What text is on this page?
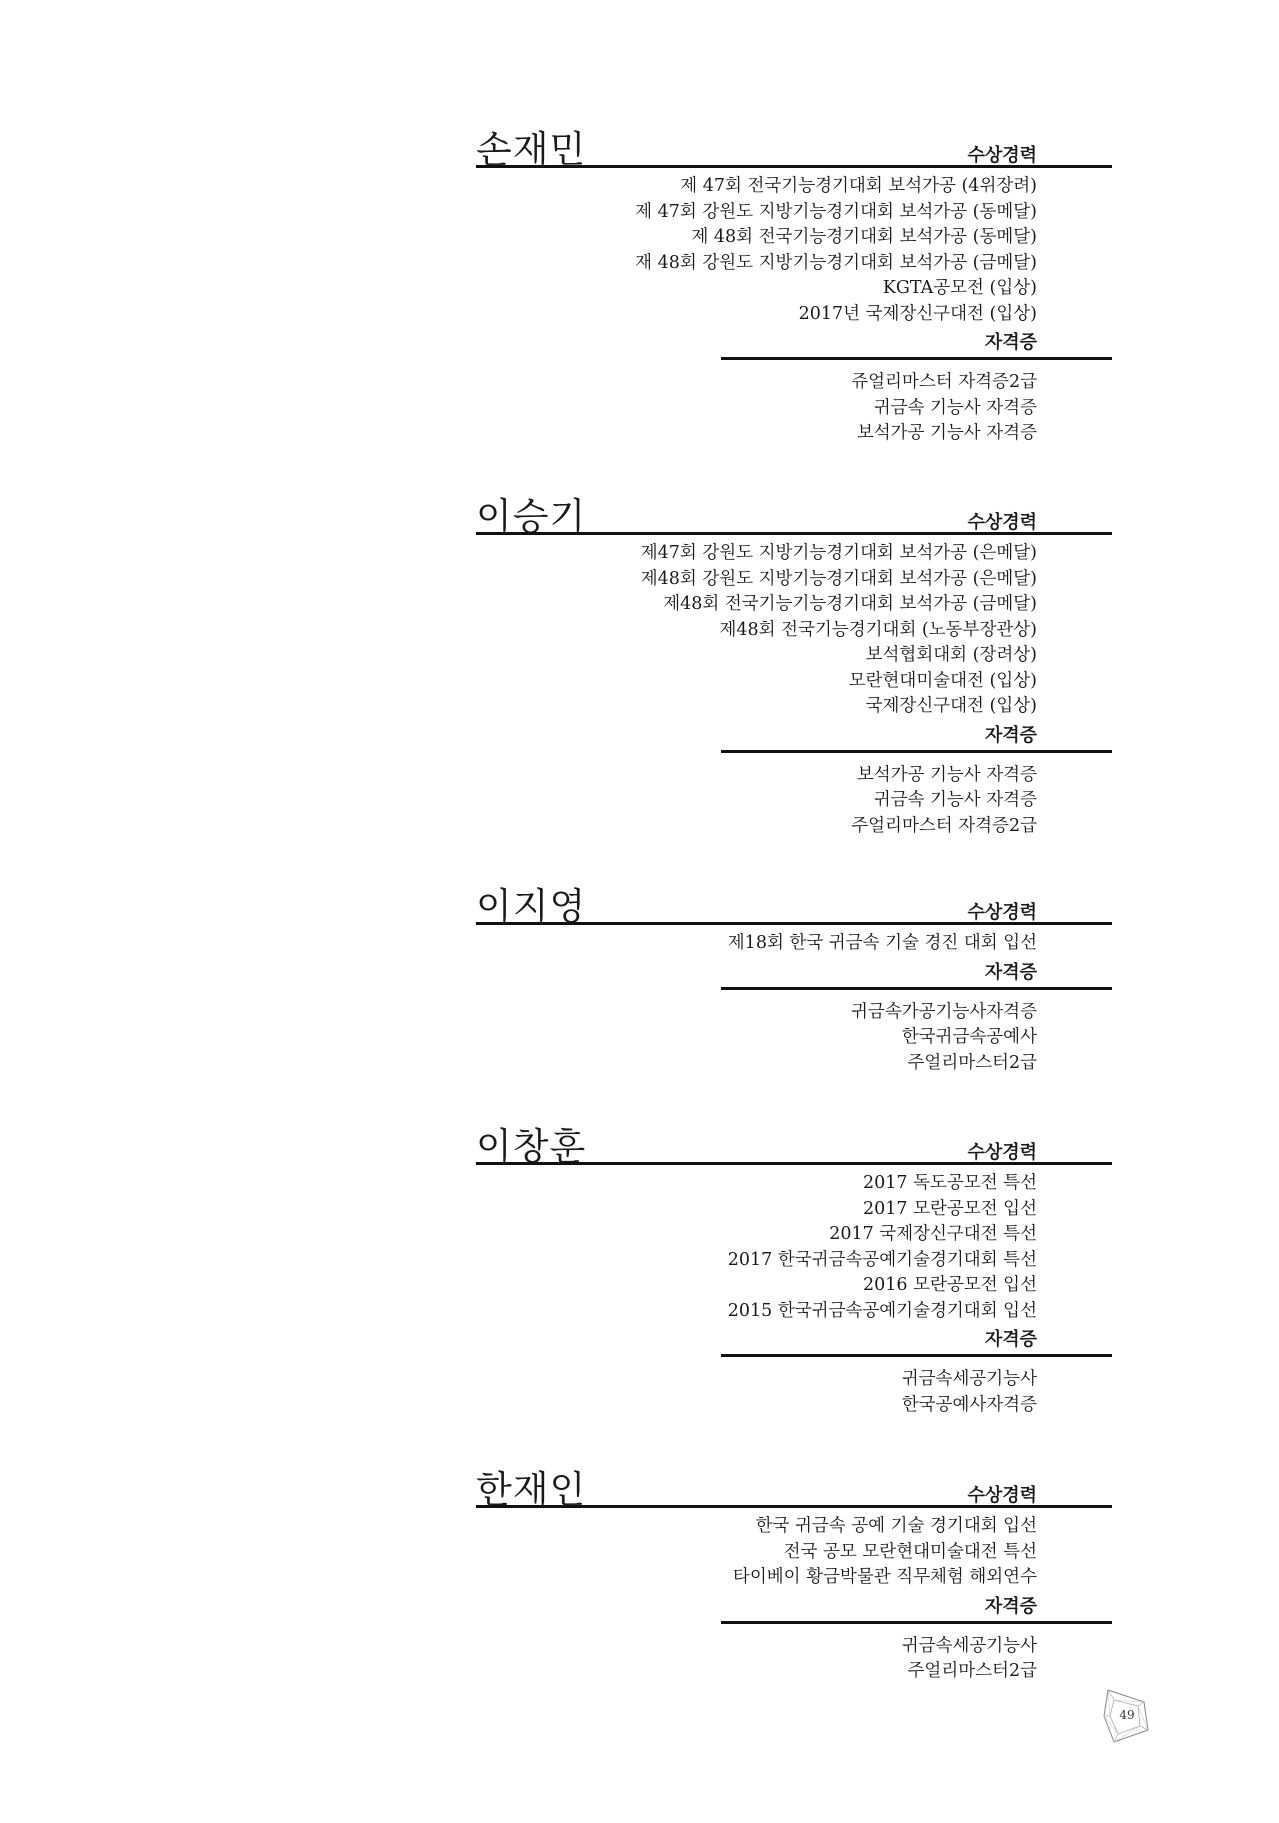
손재민	수상경력
제 47회 전국기능경기대회 보석가공 (4위장려)
제 47회 강원도 지방기능경기대회 보석가공 (동메달)
제 48회 전국기능경기대회 보석가공 (동메달)
재 48회 강원도 지방기능경기대회 보석가공 (금메달)
KGTA공모전 (입상)
2017년 국제장신구대전 (입상)
자격증
쥬얼리마스터 자격증2급
귀금속 기능사 자격증
보석가공 기능사 자격증
이승기	수상경력
제47회 강원도 지방기능경기대회 보석가공 (은메달)
제48회 강원도 지방기능경기대회 보석가공 (은메달)
제48회 전국기능기능경기대회 보석가공 (금메달)
제48회 전국기능경기대회 (노동부장관상)
보석협회대회 (장려상)
모란현대미술대전 (입상)
국제장신구대전 (입상)
자격증
보석가공 기능사 자격증
귀금속 기능사 자격증
주얼리마스터 자격증2급
이지영	수상경력
제18회 한국 귀금속 기술 경진 대회 입선
자격증
귀금속가공기능사자격증
한국귀금속공예사
주얼리마스터2급
이창훈	수상경력
2017 독도공모전 특선
2017 모란공모전 입선
2017 국제장신구대전 특선
2017 한국귀금속공예기술경기대회 특선
2016 모란공모전 입선
2015 한국귀금속공예기술경기대회 입선
자격증
귀금속세공기능사
한국공예사자격증
한재인	수상경력
한국 귀금속 공예 기술 경기대회 입선
전국 공모 모란현대미술대전 특선
타이베이 황금박물관 직무체험 해외연수
자격증
귀금속세공기능사
주얼리마스터2급
49
